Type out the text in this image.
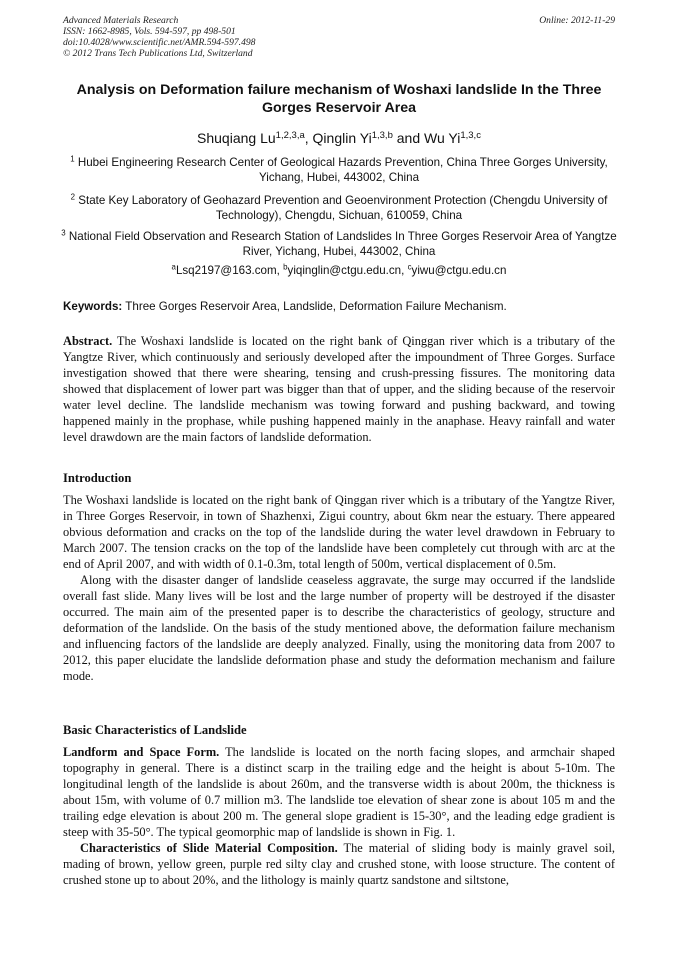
Advanced Materials Research
ISSN: 1662-8985, Vols. 594-597, pp 498-501
doi:10.4028/www.scientific.net/AMR.594-597.498
© 2012 Trans Tech Publications Ltd, Switzerland
Online: 2012-11-29
Analysis on Deformation failure mechanism of Woshaxi landslide In the Three Gorges Reservoir Area
Shuqiang Lu$^{1,2,3,a}$, Qinglin Yi$^{1,3,b}$ and Wu Yi$^{1,3,c}$
$^1$ Hubei Engineering Research Center of Geological Hazards Prevention, China Three Gorges University, Yichang, Hubei, 443002, China
$^2$ State Key Laboratory of Geohazard Prevention and Geoenvironment Protection (Chengdu University of Technology), Chengdu, Sichuan, 610059, China
$^3$ National Field Observation and Research Station of Landslides In Three Gorges Reservoir Area of Yangtze River, Yichang, Hubei, 443002, China
$^a$Lsq2197@163.com, $^b$yiqinglin@ctgu.edu.cn, $^c$yiwu@ctgu.edu.cn
Keywords: Three Gorges Reservoir Area, Landslide, Deformation Failure Mechanism.

Abstract. The Woshaxi landslide is located on the right bank of Qinggan river which is a tributary of the Yangtze River, which continuously and seriously developed after the impoundment of Three Gorges. Surface investigation showed that there were shearing, tensing and crush-pressing fissures. The monitoring data showed that displacement of lower part was bigger than that of upper, and the sliding because of the reservoir water level decline. The landslide mechanism was towing forward and pushing backward, and towing happened mainly in the prophase, while pushing happened mainly in the anaphase. Heavy rainfall and water level drawdown are the main factors of landslide deformation.

Introduction

The Woshaxi landslide is located on the right bank of Qinggan river which is a tributary of the Yangtze River, in Three Gorges Reservoir, in town of Shazhenxi, Zigui country, about 6km near the estuary. There appeared obvious deformation and cracks on the top of the landslide during the water level drawdown in February to March 2007. The tension cracks on the top of the landslide have been completely cut through with arc at the end of April 2007, and with width of 0.1-0.3m, total length of 500m, vertical displacement of 0.5m.

Along with the disaster danger of landslide ceaseless aggravate, the surge may occurred if the landslide overall fast slide. Many lives will be lost and the large number of property will be destroyed if the disaster occurred. The main aim of the presented paper is to describe the characteristics of geology, structure and deformation of the landslide. On the basis of the study mentioned above, the deformation failure mechanism and influencing factors of the landslide are deeply analyzed. Finally, using the monitoring data from 2007 to 2012, this paper elucidate the landslide deformation phase and study the deformation mechanism and failure mode.

Basic Characteristics of Landslide

Landform and Space Form. The landslide is located on the north facing slopes, and armchair shaped topography in general. There is a distinct scarp in the trailing edge and the height is about 5-10m. The longitudinal length of the landslide is about 260m, and the transverse width is about 200m, the thickness is about 15m, with volume of 0.7 million m3. The landslide toe elevation of shear zone is about 105 m and the trailing edge elevation is about 200 m. The general slope gradient is 15-30°, and the leading edge gradient is steep with 35-50°. The typical geomorphic map of landslide is shown in Fig. 1.

Characteristics of Slide Material Composition. The material of sliding body is mainly gravel soil, mading of brown, yellow green, purple red silty clay and crushed stone, with loose structure. The content of crushed stone up to about 20%, and the lithology is mainly quartz sandstone and siltstone,
